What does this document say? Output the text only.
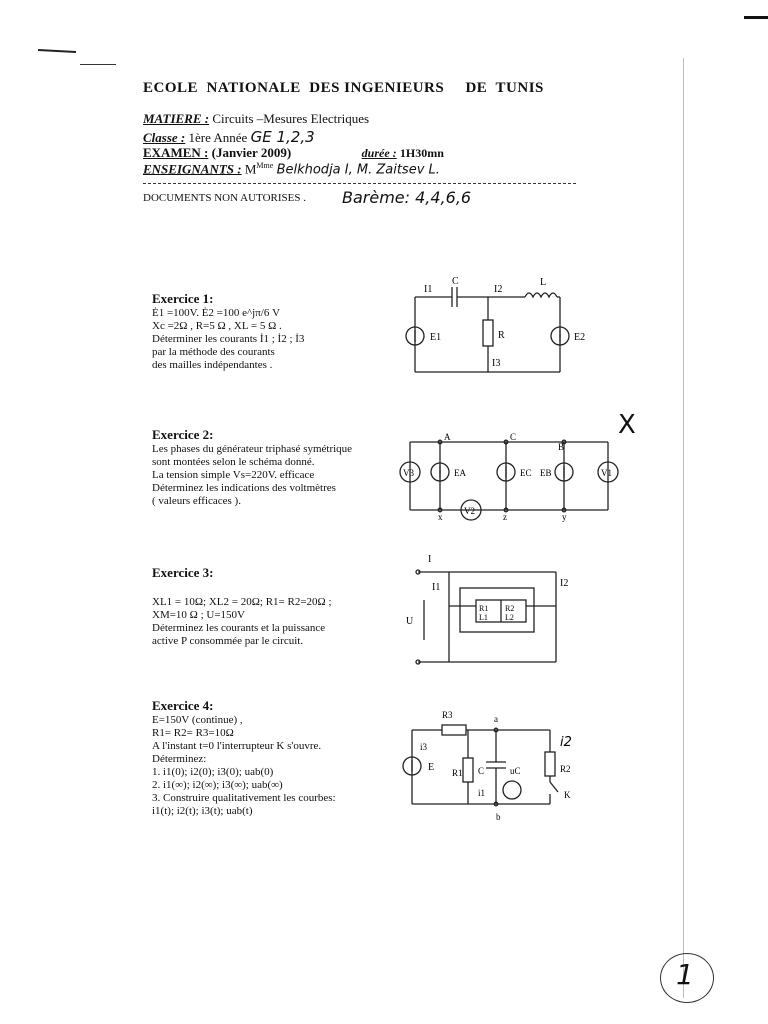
ECOLE  NATIONALE  DES INGENIEURS     DE  TUNIS
MATIERE : Circuits –Mesures Electriques
Classe : 1ère Année GE 1,2,3
EXAMEN : (Janvier 2009)	durée : 1H30mn
ENSEIGNANTS : $M^{Mme}$ Belkhodja I, M. Zaitsev L.
DOCUMENTS NON AUTORISES . Barème: 4,4,6,6
Exercice 1:
Ė1 =100V. Ė2 =100 e^jπ/6 V
Xc =2Ω , R=5 Ω , XL = 5 Ω .
Déterminer les courants İ1 ; İ2 ; İ3
par la méthode des courants
des mailles indépendantes .
I1
C
I2
L
E1	R
I3
E2
Exercice 2:
Les phases du générateur triphasé symétrique
sont montées selon le schéma donné.
La tension simple Vs=220V. efficace
Déterminez les indications des voltmètres
( valeurs efficaces ).
A	C
B
V3	EA	EC EB	V1
x
V2
z	y
X
Exercice 3:
XL1 = 10Ω; XL2 = 20Ω; R1= R2=20Ω ;
XM=10 Ω ; U=150V
Déterminez les courants et la puissance
active P consommée par le circuit.
I
I1	I2
U
R1 R2
L1 L2
Exercice 4:
E=150V (continue) ,
R1= R2= R3=10Ω
A l'instant t=0 l'interrupteur K s'ouvre.
Déterminez:
1. i1(0); i2(0); i3(0); uab(0)
2. i1(∞); i2(∞); i3(∞); uab(∞)
3. Construire qualitativement les courbes:
i1(t); i2(t); i3(t); uab(t)
R3	a
i2
i3
E R1 C	uC	R2
i1	K
b
1
